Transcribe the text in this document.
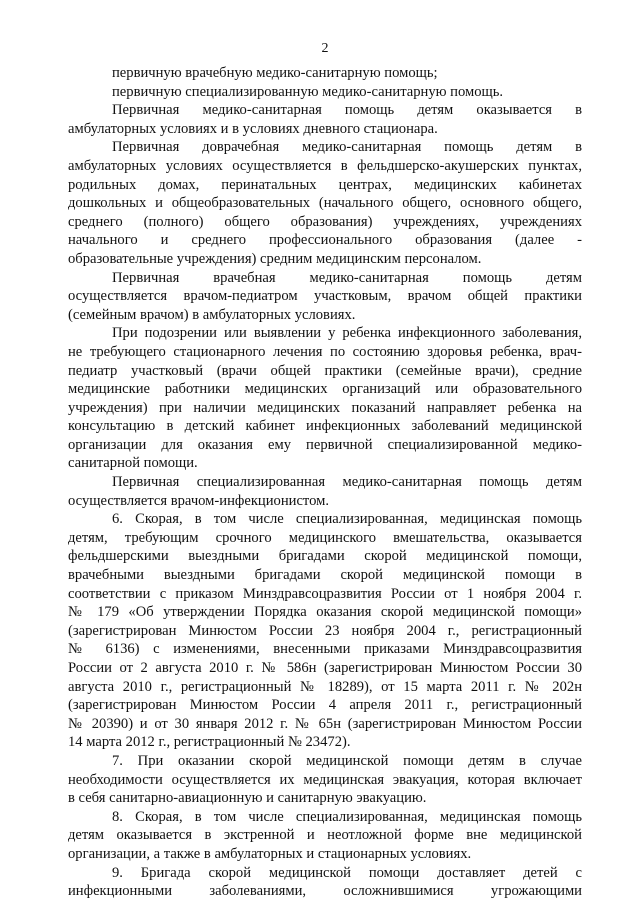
2

первичную врачебную медико-санитарную помощь;

первичную специализированную медико-санитарную помощь.

Первичная медико-санитарная помощь детям оказывается в
амбулаторных условиях и в условиях дневного стационара.

Первичная доврачебная медико-санитарная помощь детям в
амбулаторных условиях осуществляется в фельдшерско-акушерских пунктах,
родильных домах, перинатальных центрах, медицинских кабинетах
дошкольных и общеобразовательных (начального общего, основного общего,
среднего (полного) общего образования) учреждениях, учреждениях
начального и среднего профессионального образования (далее -
образовательные учреждения) средним медицинским персоналом.

Первичная врачебная медико-санитарная помощь детям
осуществляется врачом-педиатром участковым, врачом общей практики
(семейным врачом) в амбулаторных условиях.

При подозрении или выявлении у ребенка инфекционного заболевания,
не требующего стационарного лечения по состоянию здоровья ребенка, врач-
педиатр участковый (врачи общей практики (семейные врачи), средние
медицинские работники медицинских организаций или образовательного
учреждения) при наличии медицинских показаний направляет ребенка на
консультацию в детский кабинет инфекционных заболеваний медицинской
организации для оказания ему первичной специализированной медико-
санитарной помощи.

Первичная специализированная медико-санитарная помощь детям
осуществляется врачом-инфекционистом.

6. Скорая, в том числе специализированная, медицинская помощь
детям, требующим срочного медицинского вмешательства, оказывается
фельдшерскими выездными бригадами скорой медицинской помощи,
врачебными выездными бригадами скорой медицинской помощи в
соответствии с приказом Минздравсоцразвития России от 1 ноября 2004 г.
№ 179 «Об утверждении Порядка оказания скорой медицинской помощи»
(зарегистрирован Минюстом России 23 ноября 2004 г., регистрационный
№ 6136) с изменениями, внесенными приказами Минздравсоцразвития
России от 2 августа 2010 г. № 586н (зарегистрирован Минюстом России 30
августа 2010 г., регистрационный № 18289), от 15 марта 2011 г. № 202н
(зарегистрирован Минюстом России 4 апреля 2011 г., регистрационный
№ 20390) и от 30 января 2012 г. № 65н (зарегистрирован Минюстом России
14 марта 2012 г., регистрационный № 23472).

7. При оказании скорой медицинской помощи детям в случае
необходимости осуществляется их медицинская эвакуация, которая включает
в себя санитарно-авиационную и санитарную эвакуацию.

8. Скорая, в том числе специализированная, медицинская помощь
детям оказывается в экстренной и неотложной форме вне медицинской
организации, а также в амбулаторных и стационарных условиях.

9. Бригада скорой медицинской помощи доставляет детей с
инфекционными заболеваниями, осложнившимися угрожающими
